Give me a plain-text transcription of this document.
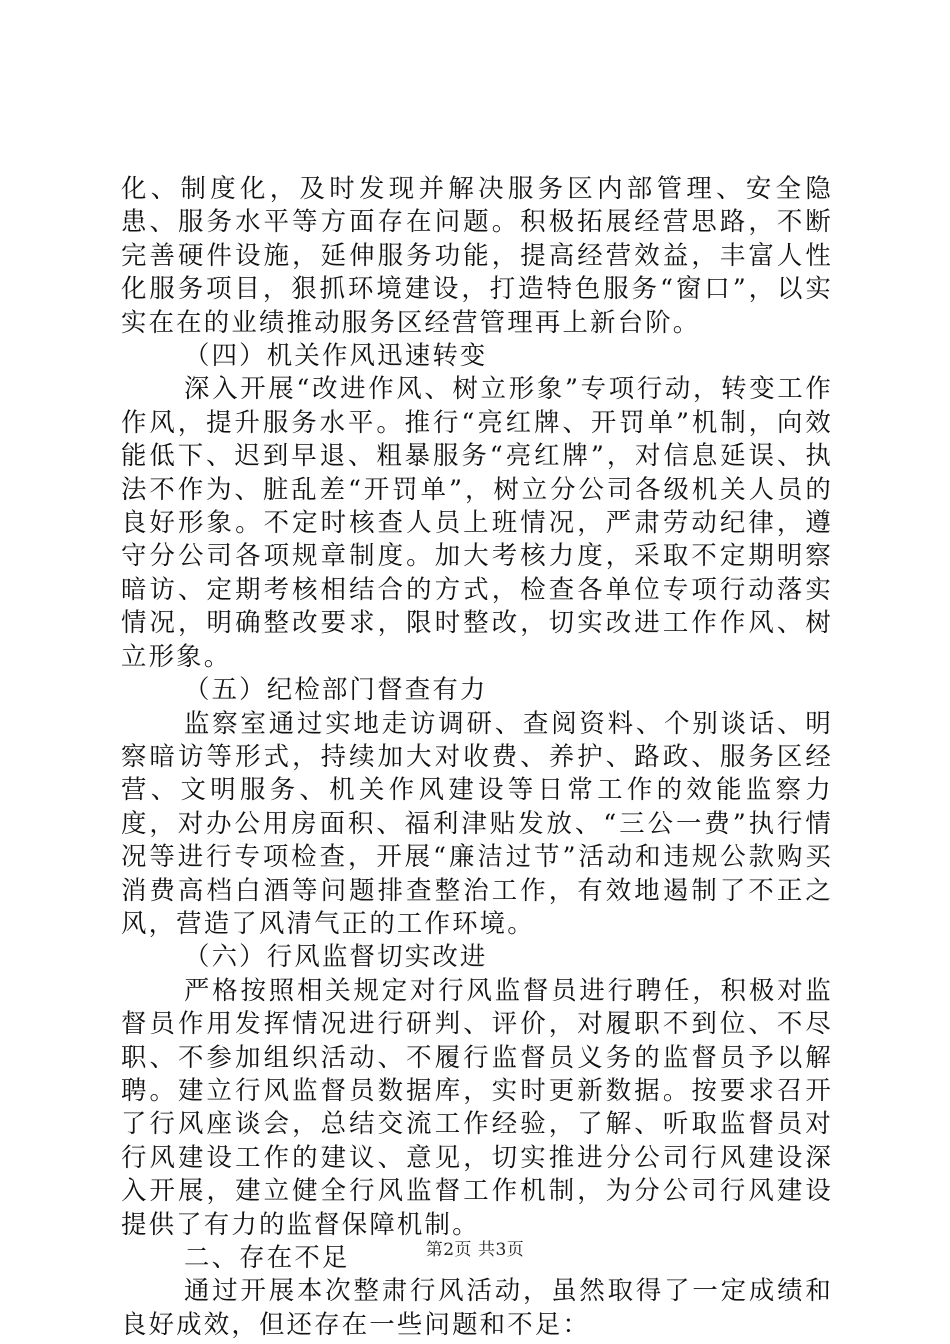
化、制度化，及时发现并解决服务区内部管理、安全隐患、服务水平等方面存在问题。积极拓展经营思路，不断完善硬件设施，延伸服务功能，提高经营效益，丰富人性化服务项目，狠抓环境建设，打造特色服务“窗口”，以实实在在的业绩推动服务区经营管理再上新台阶。

（四）机关作风迅速转变

深入开展“改进作风、树立形象”专项行动，转变工作作风，提升服务水平。推行“亮红牌、开罚单”机制，向效能低下、迟到早退、粗暴服务“亮红牌”，对信息延误、执法不作为、脏乱差“开罚单”，树立分公司各级机关人员的良好形象。不定时核查人员上班情况，严肃劳动纪律，遵守分公司各项规章制度。加大考核力度，采取不定期明察暗访、定期考核相结合的方式，检查各单位专项行动落实情况，明确整改要求，限时整改，切实改进工作作风、树立形象。

（五）纪检部门督查有力

监察室通过实地走访调研、查阅资料、个别谈话、明察暗访等形式，持续加大对收费、养护、路政、服务区经营、文明服务、机关作风建设等日常工作的效能监察力度，对办公用房面积、福利津贴发放、“三公一费”执行情况等进行专项检查，开展“廉洁过节”活动和违规公款购买消费高档白酒等问题排查整治工作，有效地遏制了不正之风，营造了风清气正的工作环境。

（六）行风监督切实改进

严格按照相关规定对行风监督员进行聘任，积极对监督员作用发挥情况进行研判、评价，对履职不到位、不尽职、不参加组织活动、不履行监督员义务的监督员予以解聘。建立行风监督员数据库，实时更新数据。按要求召开了行风座谈会，总结交流工作经验，了解、听取监督员对行风建设工作的建议、意见，切实推进分公司行风建设深入开展，建立健全行风监督工作机制，为分公司行风建设提供了有力的监督保障机制。

二、存在不足

通过开展本次整肃行风活动，虽然取得了一定成绩和良好成效，但还存在一些问题和不足：

第2页 共3页
